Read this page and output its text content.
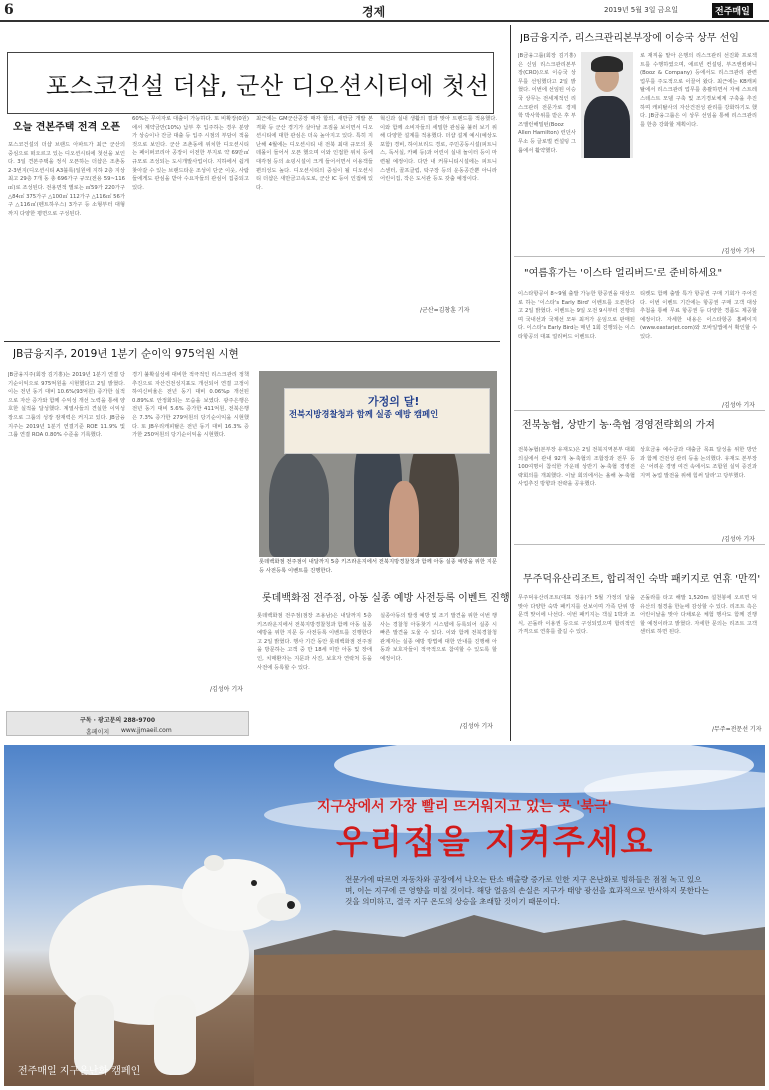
6	경제	2019년 5월 3일 금요일	전주매일
포스코건설 더샵, 군산 디오션시티에 첫선
오늘 견본주택 전격 오픈
포스코건설의 더샵 브랜드 아파트가 최근 군산의 중심으로 떠오르고 있는 디오션시티에 첫선을 보인다. 3일 견본주택을 정식 오픈하는 더샵은 조촌동 2-3번지(디오션시티 A3블록)일원에 지하 2층 지상 최고 29층 7개 동 총 696가구 규모(전용 59~116㎡)로 조성된다. 전용면적 별로는 ㎡59가 220가구 △84㎡ 375가구 △100㎡ 112가구 △116㎡ 56가구 △116㎡(펜트하우스) 3가구 등 소형부터 대형까지 다양한 평면으로 구성된다.
60%는 무이자로 대출이 가능하다. 또 비확장(0원)에서 계약금만(10%) 납부 후 입주하는 경우 분양가 상승이나 잔금 대출 등 입주 시점의 부담이 적을 것으로 보인다. 군산 조촌동에 위치한 디오션시티는 페이퍼코리아 공장이 이전한 부지로 약 69만㎡ 규모로 조성되는 도시개발사업이다. 지하에서 쉽게 찾아갈 수 있는 브랜드타운 조성이 단군 이웃, 사람들에게도 관심을 받아 수요자들의 관심이 집중되고 있다.
최근에는 GM군산공장 매각 합의, 새만금 개발 본격화 등 군산 경기가 살아날 조짐을 보이면서 디오션시티에 대한 관심은 더욱 높아지고 있다. 특히 지난해 4월에는 디오션시티 내 전북 최대 규모의 롯데몰이 들어서 오픈 했으며 이와 인접한 위치 등에 대각점 등의 쇼핑시설이 크게 들어서면서 이용객들 편의성도 높다. 디오션시티의 중심이 될 디오션시티 더샵은 새만금고속도로, 군산 IC 등이 인접해 있다.
혁신과 실내 생활의 결과 맞아 트렌드를 적용했다. 이와 함께 소비자들의 세밀한 관심을 불러 보기 위해 다양한 설계를 적용했다. 더샵 설계 예시(예상도 포함) 경비, 하이브리드 경로, 주민공동시설(피트니스, 독서실, 카페 등)과 어린이 실내 놀이터 등이 마련될 예정이다. 다만 내 커뮤니티시설에는 피트니스센터, 골프클럽, 탁구장 등의 운동공간뿐 아니라 어린이집, 작은 도서관 등도 갖출 예정이다.
/군산=김창훈 기자
JB금융지주, 2019년 1분기 순이익 975억원 시현
JB금융지주(회장 김기홍)는 2019년 1분기 연결 당기순이익으로 975억원을 시현했다고 2일 밝혔다. 이는 전년 동기 대비 10.6%(93억원) 증가한 실적으로 자산 증가와 함께 수익성 개선 노력을 통해 양호한 실적을 달성했다. 계열사들의 견실한 이익성장으로 그룹의 성장 잠재력은 커지고 있다. JB금융지주는 2019년 1분기 연결기준 ROE 11.9% 및 그룹 연결 ROA 0.80% 수준을 기록했다.
경기 불확실성에 대비한 적극적인 리스크관리 정책 추진으로 자산건전성지표도 개선되어 연결 고정이하여신비율은 전년 동기 대비 0.06%p 개선된 0.89%로 안정화되는 모습을 보였다. 광주은행은 전년 동기 대비 5.6% 증가한 411억원, 전북은행은 7.3% 증가한 279억원의 당기순이익을 시현했다. 또 JB우리캐피탈은 전년 동기 대비 16.3% 증가한 250억원의 당기순이익을 시현했다.
/김성아 기자
구독 · 광고문의 288-9700
홈페이지 www.jjmaeil.com
가정의 달!
전북지방경찰청과 함께 실종 예방 캠페인
롯데백화점 전주점이 내달까지 5층 키즈라운지에서 전북지방경찰청과 함께 아동 실종 예방을 위한 지문 등 사전등록 이벤트를 진행한다.
롯데백화점 전주점, 아동 실종 예방 사전등록 이벤트 진행
롯데백화점 전주점(점장 조용남)은 내달까지 5층 키즈라운지에서 전북지방경찰청과 함께 아동 실종 예방을 위한 지문 등 사전등록 이벤트를 진행한다고 2일 밝혔다. 행사 기간 동안 롯데백화점 전주점을 방문하는 고객 중 만 18세 미만 아동 및 장애인, 치매환자는 지문과 사진, 보호자 연락처 등을 사전에 등록할 수 있다.
실종아동의 발생 예방 및 조기 발견을 위한 이번 행사는 경찰청 아동찾기 시스템에 등록되어 실종 시 빠른 발견을 도울 수 있다. 이와 함께 전북경찰청 관계자는 실종 예방 방법에 대한 안내를 진행해 아동과 보호자들이 적극적으로 참여할 수 있도록 할 예정이다.
/김성아 기자
JB금융지주, 리스크관리본부장에 이승국 상무 선임
JB금융그룹(회장 김기홍)은 신임 리스크관리본부장(CRO)으로 이승국 상무를 선임했다고 2일 밝혔다. 이번에 선임된 이승국 상무는 전세계적인 리스크관리 전문가로 경제학 박사학위를 받은 후 부즈앨런해밀턴(Booz Allen Hamilton) 런던사무소 등 글로벌 컨설팅 그룹에서 활약했다.
로 재직을 맡아 은행의 리스크관리 선진화 프로젝트를 수행하였으며, 에르빈 컨설팅, 부즈앤컴퍼니(Booz & Company) 등에서도 리스크관리 관련 업무를 주도적으로 이끌어 왔다. 최근에는 KB캐피탈에서 리스크관리 업무를 총괄하면서 자체 스트레스테스트 모델 구축 및 조기경보체계 구축을 추진하며 캐피탈사의 자산건전성 관리를 강화하기도 했다. JB금융그룹은 이 상무 선임을 통해 리스크관리를 한층 강화할 계획이다.
/김성아 기자
"여름휴가는 '이스타 얼리버드'로 준비하세요"
이스타항공이 8~9월 출발 가능한 항공권을 대상으로 하는 '이스타's Early Bird' 이벤트를 오픈한다고 2일 밝혔다. 이벤트는 9일 오전 9시부터 진행되며 국내선과 국제선 모두 최저가 운임으로 판매된다. 이스타's Early Bird는 매년 1회 진행되는 이스타항공의 대표 얼리버드 이벤트다.
티켓도 함께 출발 특가 항공권 구매 기회가 주어진다. 이번 이벤트 기간에는 항공권 구매 고객 대상 추첨을 통해 무료 항공권 등 다양한 경품도 제공할 예정이다. 자세한 내용은 이스타항공 홈페이지(www.eastarjet.com)와 모바일앱에서 확인할 수 있다.
/김성아 기자
전북농협, 상반기 농·축협 경영전략회의 가져
전북농협(본부장 유재도)은 2일 전북지역본부 대회의실에서 관내 92개 농·축협의 조합장과 전무 등 100여명이 참석한 가운데 상반기 농·축협 경영전략회의를 개최했다. 이날 회의에서는 올해 농·축협 사업추진 방향과 전략을 공유했다.
상호금융 예수금과 대출금 목표 달성을 위한 방안과 함께 건전성 관리 등을 논의했다. 유재도 본부장은 '어려운 경영 여건 속에서도 조합원 실익 증진과 지역 농업 발전을 위해 힘써 달라'고 당부했다.
/김성아 기자
무주덕유산리조트, 합리적인 숙박 패키지로 연휴 '만끽'
무주덕유산리조트(대표 정웅)가 5월 가정의 달을 맞아 다양한 숙박 패키지를 선보이며 가족 단위 방문객 맞이에 나선다. 이번 패키지는 객실 1박과 조식, 곤돌라 이용권 등으로 구성되었으며 합리적인 가격으로 연휴를 즐길 수 있다.
곤돌라를 타고 해발 1,520m 설천봉에 오르면 덕유산의 절경을 한눈에 감상할 수 있다. 리조트 측은 어린이날을 맞아 다채로운 체험 행사도 함께 진행할 예정이라고 밝혔다. 자세한 문의는 리조트 고객센터로 하면 된다.
/무주=전문선 기자
지구상에서 가장 빨리 뜨거워지고 있는 곳 '북극'
우리집을 지켜주세요
전문가에 따르면 자동차와 공장에서 나오는 탄소 배출량 증가로 인한 지구 온난화로 빙하들은 점점 녹고 있으며, 이는 지구에 큰 영향을 미칠 것이다. 해당 얼음의 손실은 지구가 태양 광선을 효과적으로 반사하지 못한다는 것을 의미하고, 결국 지구 온도의 상승을 초래할 것이기 때문이다.
전주매일 지구온난화 캠페인
